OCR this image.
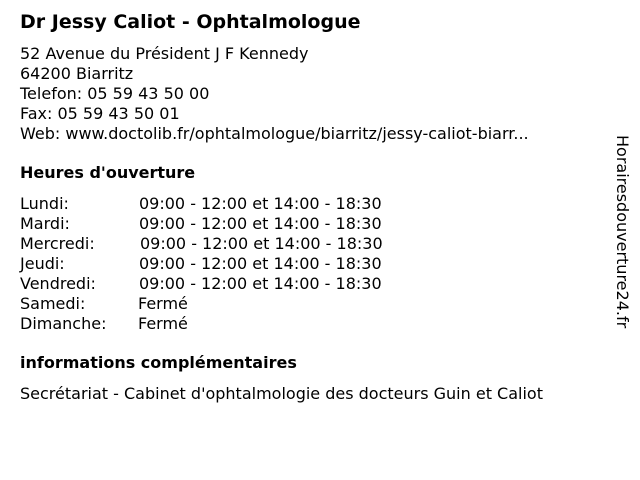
Dr Jessy Caliot - Ophtalmologue
52 Avenue du Président J F Kennedy
64200 Biarritz
Telefon: 05 59 43 50 00
Fax: 05 59 43 50 01
Web: www.doctolib.fr/ophtalmologue/biarritz/jessy-caliot-biarr...
Heures d'ouverture
Lundi:	09:00 - 12:00 et 14:00 - 18:30
Mardi:	09:00 - 12:00 et 14:00 - 18:30
Mercredi:	09:00 - 12:00 et 14:00 - 18:30
Jeudi:	09:00 - 12:00 et 14:00 - 18:30
Vendredi:	09:00 - 12:00 et 14:00 - 18:30
Samedi:	Fermé
Dimanche: Fermé
informations complémentaires
Secrétariat - Cabinet d'ophtalmologie des docteurs Guin et Caliot
Horairesdouverture24.fr
